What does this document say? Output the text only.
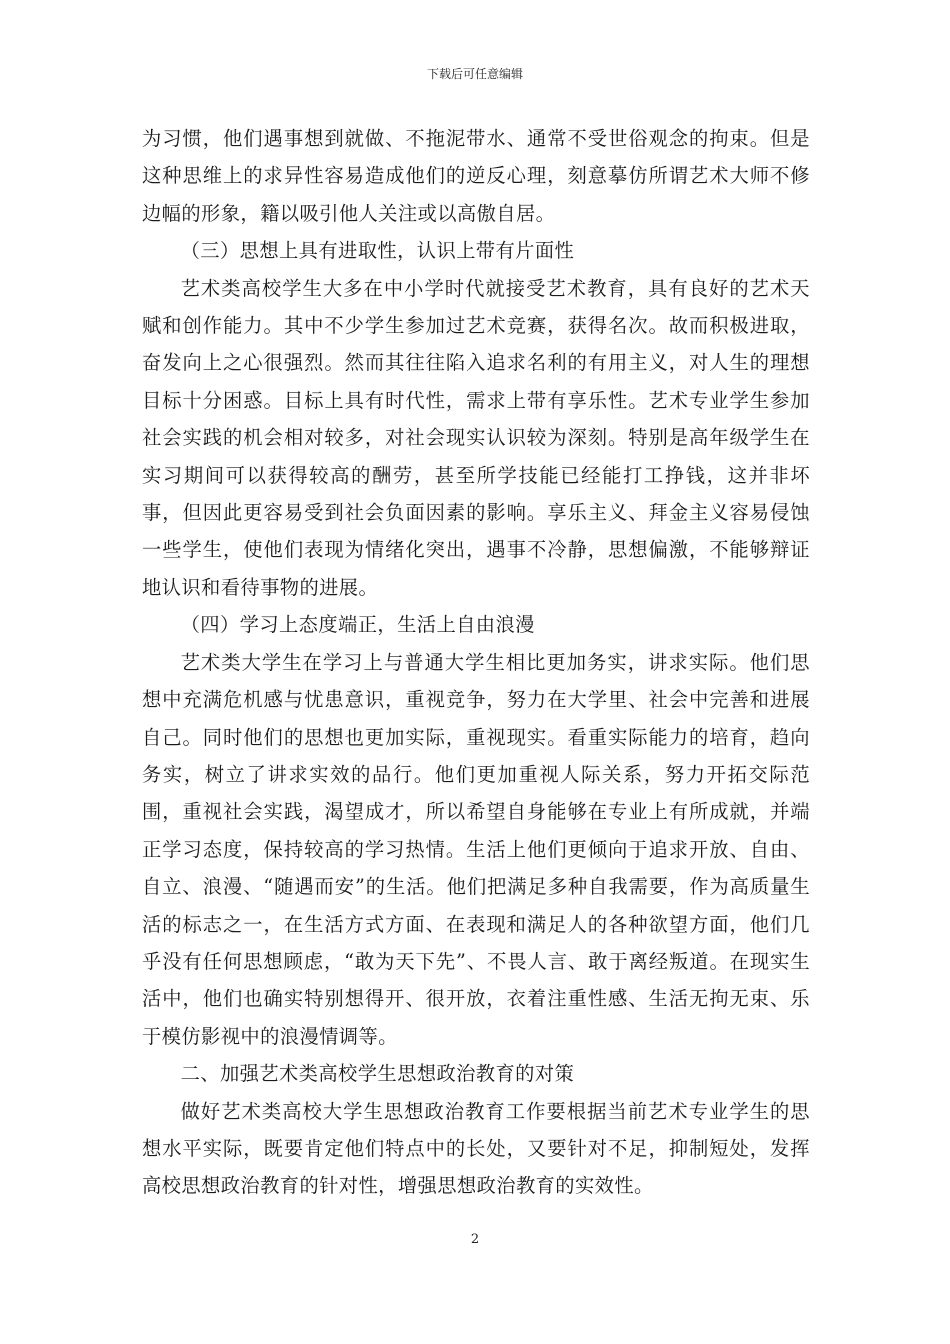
下载后可任意编辑

为习惯，他们遇事想到就做、不拖泥带水、通常不受世俗观念的拘束。但是这种思维上的求异性容易造成他们的逆反心理，刻意摹仿所谓艺术大师不修边幅的形象，籍以吸引他人关注或以高傲自居。

（三）思想上具有进取性，认识上带有片面性

艺术类高校学生大多在中小学时代就接受艺术教育，具有良好的艺术天赋和创作能力。其中不少学生参加过艺术竞赛，获得名次。故而积极进取，奋发向上之心很强烈。然而其往往陷入追求名利的有用主义，对人生的理想目标十分困惑。目标上具有时代性，需求上带有享乐性。艺术专业学生参加社会实践的机会相对较多，对社会现实认识较为深刻。特别是高年级学生在实习期间可以获得较高的酬劳，甚至所学技能已经能打工挣钱，这并非坏事，但因此更容易受到社会负面因素的影响。享乐主义、拜金主义容易侵蚀一些学生，使他们表现为情绪化突出，遇事不冷静，思想偏激，不能够辩证地认识和看待事物的进展。

（四）学习上态度端正，生活上自由浪漫

艺术类大学生在学习上与普通大学生相比更加务实，讲求实际。他们思想中充满危机感与忧患意识，重视竞争，努力在大学里、社会中完善和进展自己。同时他们的思想也更加实际，重视现实。看重实际能力的培育，趋向务实，树立了讲求实效的品行。他们更加重视人际关系，努力开拓交际范围，重视社会实践，渴望成才，所以希望自身能够在专业上有所成就，并端正学习态度，保持较高的学习热情。生活上他们更倾向于追求开放、自由、自立、浪漫、“随遇而安”的生活。他们把满足多种自我需要，作为高质量生活的标志之一，在生活方式方面、在表现和满足人的各种欲望方面，他们几乎没有任何思想顾虑，“敢为天下先”、不畏人言、敢于离经叛道。在现实生活中，他们也确实特别想得开、很开放，衣着注重性感、生活无拘无束、乐于模仿影视中的浪漫情调等。

二、加强艺术类高校学生思想政治教育的对策

做好艺术类高校大学生思想政治教育工作要根据当前艺术专业学生的思想水平实际，既要肯定他们特点中的长处，又要针对不足，抑制短处，发挥高校思想政治教育的针对性，增强思想政治教育的实效性。

2
